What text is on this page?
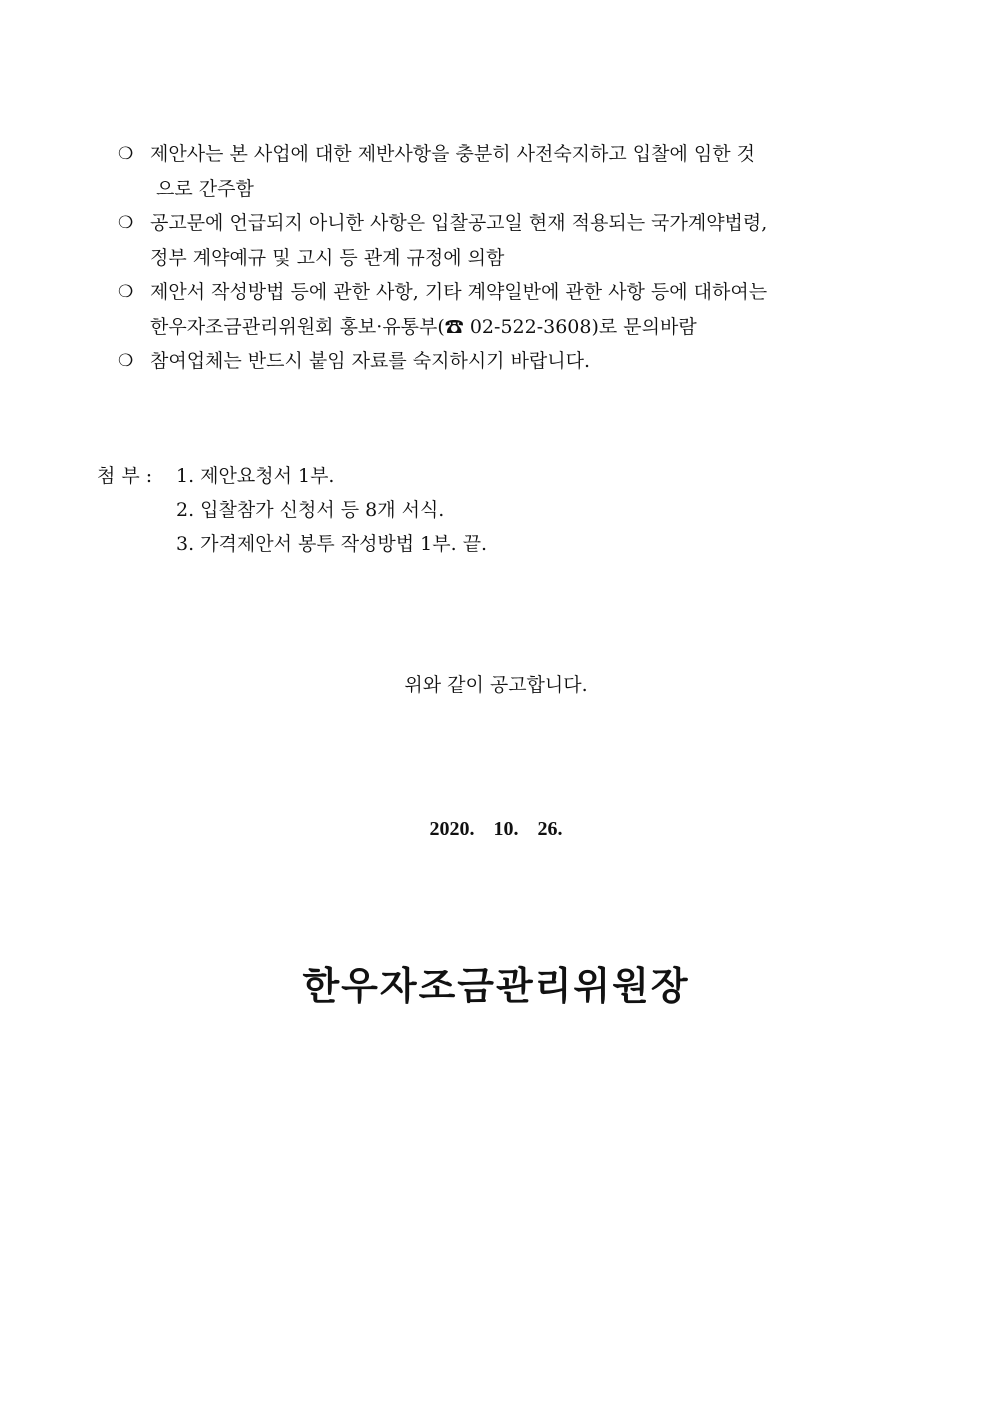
❍ 제안사는 본 사업에 대한 제반사항을 충분히 사전숙지하고 입찰에 임한 것
으로 간주함
❍ 공고문에 언급되지 아니한 사항은 입찰공고일 현재 적용되는 국가계약법령,
정부 계약예규 및 고시 등 관계 규정에 의함
❍ 제안서 작성방법 등에 관한 사항, 기타 계약일반에 관한 사항 등에 대하여는
한우자조금관리위원회 홍보·유통부(☎ 02-522-3608)로 문의바람
❍ 참여업체는 반드시 붙임 자료를 숙지하시기 바랍니다.
첨 부 : 1. 제안요청서 1부.
2. 입찰참가 신청서 등 8개 서식.
3. 가격제안서 봉투 작성방법 1부. 끝.
위와 같이 공고합니다.
2020. 10. 26.
한우자조금관리위원장
